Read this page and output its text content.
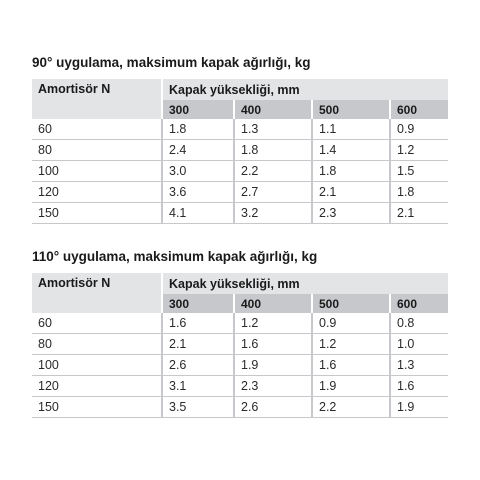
90° uygulama, maksimum kapak ağırlığı, kg
Amortisör N	Kapak yüksekliği, mm			
	300	400	500	600
60	1.8	1.3	1.1	0.9
80	2.4	1.8	1.4	1.2
100	3.0	2.2	1.8	1.5
120	3.6	2.7	2.1	1.8
150	4.1	3.2	2.3	2.1
110° uygulama, maksimum kapak ağırlığı, kg
Amortisör N	Kapak yüksekliği, mm			
	300	400	500	600
60	1.6	1.2	0.9	0.8
80	2.1	1.6	1.2	1.0
100	2.6	1.9	1.6	1.3
120	3.1	2.3	1.9	1.6
150	3.5	2.6	2.2	1.9
